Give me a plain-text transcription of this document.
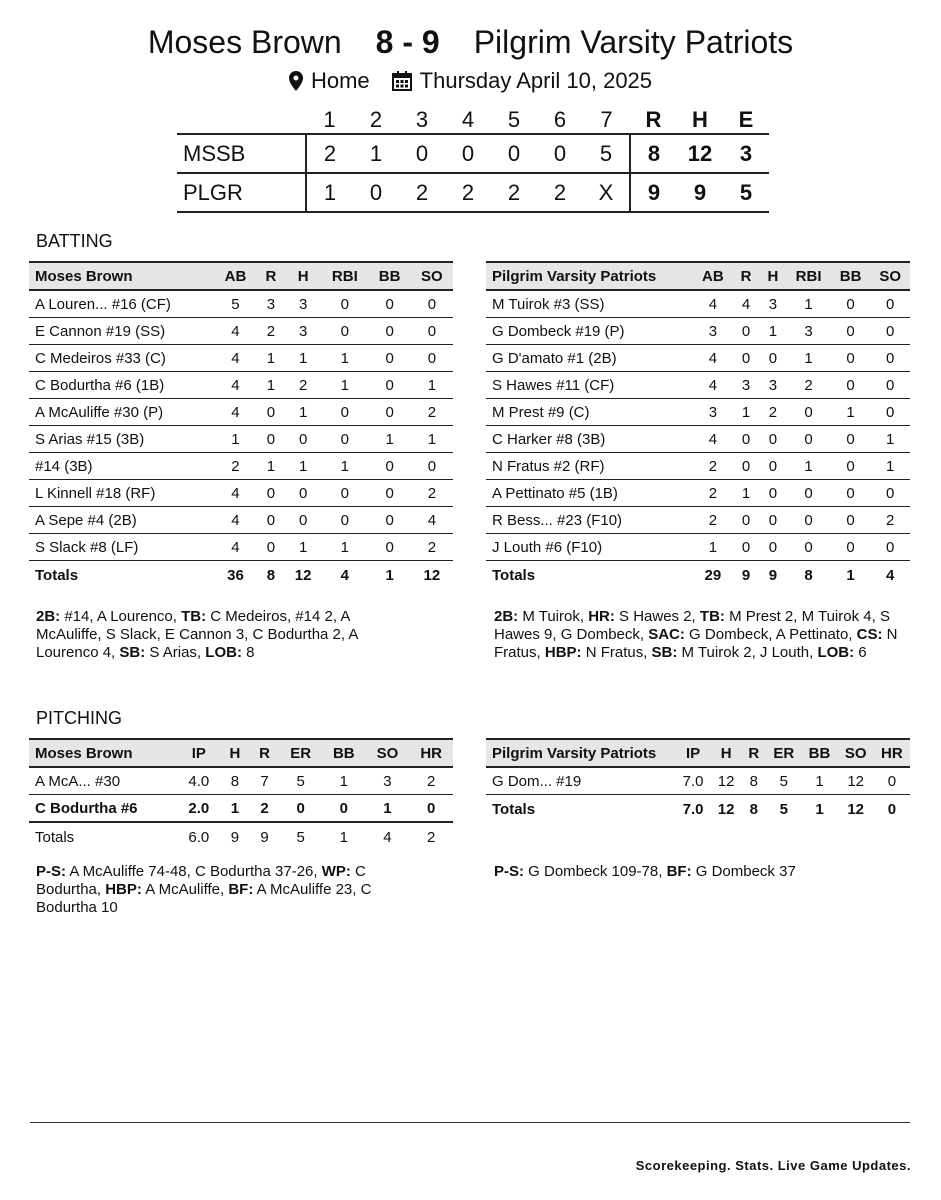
Moses Brown 8 - 9 Pilgrim Varsity Patriots
Home Thursday April 10, 2025
	1	2	3	4	5	6	7	R	H	E
MSSB	2	1	0	0	0	0	5	8	12	3
PLGR	1	0	2	2	2	2	X	9	9	5
BATTING
Moses Brown	AB	R	H	RBI	BB	SO
A Louren... #16 (CF)	5	3	3	0	0	0
E Cannon #19 (SS)	4	2	3	0	0	0
C Medeiros #33 (C)	4	1	1	1	0	0
C Bodurtha #6 (1B)	4	1	2	1	0	1
A McAuliffe #30 (P)	4	0	1	0	0	2
S Arias #15 (3B)	1	0	0	0	1	1
#14 (3B)	2	1	1	1	0	0
L Kinnell #18 (RF)	4	0	0	0	0	2
A Sepe #4 (2B)	4	0	0	0	0	4
S Slack #8 (LF)	4	0	1	1	0	2
Totals	36	8	12	4	1	12
Pilgrim Varsity Patriots	AB	R	H	RBI	BB	SO
M Tuirok #3 (SS)	4	4	3	1	0	0
G Dombeck #19 (P)	3	0	1	3	0	0
G D'amato #1 (2B)	4	0	0	1	0	0
S Hawes #11 (CF)	4	3	3	2	0	0
M Prest #9 (C)	3	1	2	0	1	0
C Harker #8 (3B)	4	0	0	0	0	1
N Fratus #2 (RF)	2	0	0	1	0	1
A Pettinato #5 (1B)	2	1	0	0	0	0
R Bess... #23 (F10)	2	0	0	0	0	2
J Louth #6 (F10)	1	0	0	0	0	0
Totals	29	9	9	8	1	4
2B: #14, A Lourenco, TB: C Medeiros, #14 2, A McAuliffe, S Slack, E Cannon 3, C Bodurtha 2, A Lourenco 4, SB: S Arias, LOB: 8
2B: M Tuirok, HR: S Hawes 2, TB: M Prest 2, M Tuirok 4, S Hawes 9, G Dombeck, SAC: G Dombeck, A Pettinato, CS: N Fratus, HBP: N Fratus, SB: M Tuirok 2, J Louth, LOB: 6
PITCHING
Moses Brown	IP	H	R	ER	BB	SO	HR
A McA... #30	4.0	8	7	5	1	3	2
C Bodurtha #6	2.0	1	2	0	0	1	0
Totals	6.0	9	9	5	1	4	2
Pilgrim Varsity Patriots	IP	H	R	ER	BB	SO	HR
G Dom... #19	7.0	12	8	5	1	12	0
Totals	7.0	12	8	5	1	12	0
P-S: A McAuliffe 74-48, C Bodurtha 37-26, WP: C Bodurtha, HBP: A McAuliffe, BF: A McAuliffe 23, C Bodurtha 10
P-S: G Dombeck 109-78, BF: G Dombeck 37
Scorekeeping. Stats. Live Game Updates.
